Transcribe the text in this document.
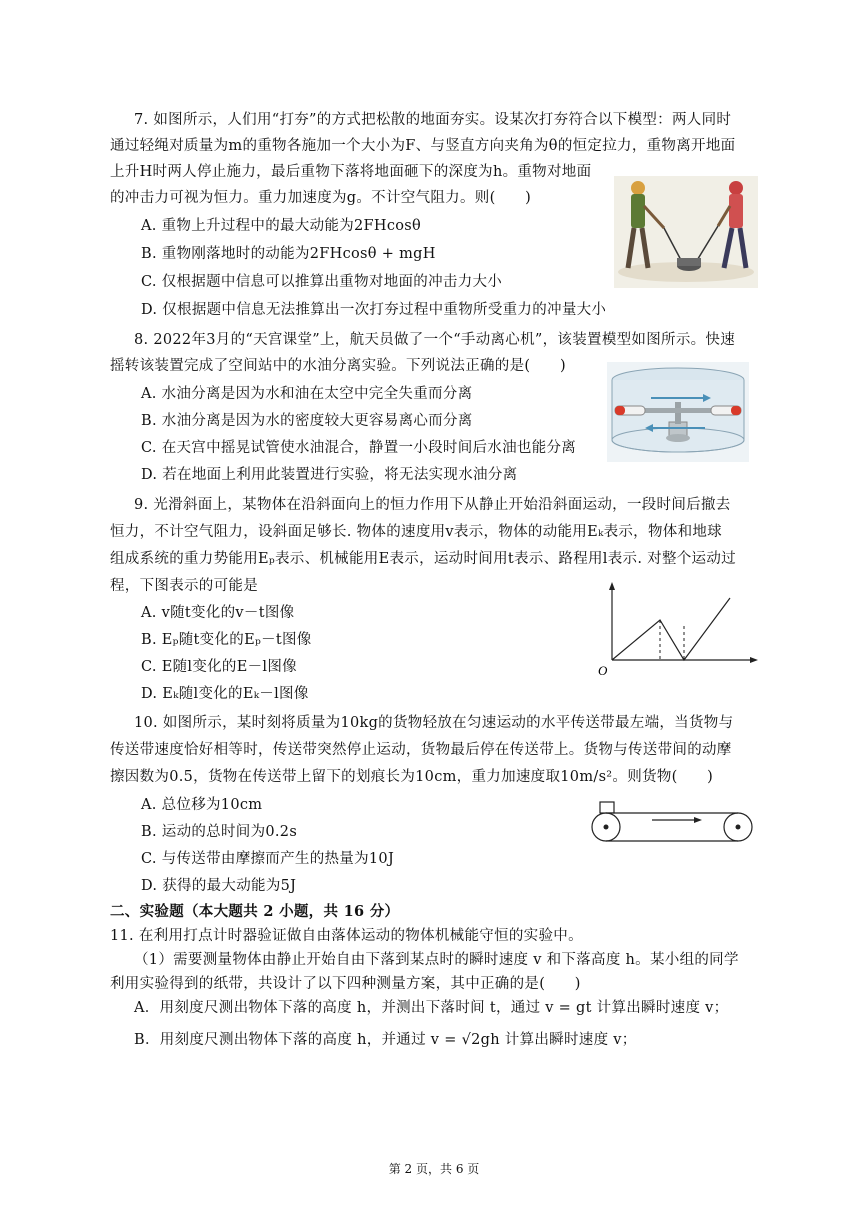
7. 如图所示，人们用“打夯”的方式把松散的地面夯实。设某次打夯符合以下模型：两人同时
通过轻绳对质量为m的重物各施加一个大小为F、与竖直方向夹角为θ的恒定拉力，重物离开地面
上升H时两人停止施力，最后重物下落将地面砸下的深度为h。重物对地面
的冲击力可视为恒力。重力加速度为g。不计空气阻力。则(　　)
A. 重物上升过程中的最大动能为2FHcosθ
B. 重物刚落地时的动能为2FHcosθ + mgH
C. 仅根据题中信息可以推算出重物对地面的冲击力大小
D. 仅根据题中信息无法推算出一次打夯过程中重物所受重力的冲量大小
8. 2022年3月的“天宫课堂”上，航天员做了一个“手动离心机”，该装置模型如图所示。快速
摇转该装置完成了空间站中的水油分离实验。下列说法正确的是(　　)
A. 水油分离是因为水和油在太空中完全失重而分离
B. 水油分离是因为水的密度较大更容易离心而分离
C. 在天宫中摇晃试管使水油混合，静置一小段时间后水油也能分离
D. 若在地面上利用此装置进行实验，将无法实现水油分离
9. 光滑斜面上，某物体在沿斜面向上的恒力作用下从静止开始沿斜面运动，一段时间后撤去
恒力，不计空气阻力，设斜面足够长. 物体的速度用v表示，物体的动能用Eₖ表示，物体和地球
组成系统的重力势能用Eₚ表示、机械能用E表示，运动时间用t表示、路程用l表示. 对整个运动过
程，下图表示的可能是
A. v随t变化的v－t图像
B. Eₚ随t变化的Eₚ－t图像
C. E随l变化的E－l图像
D. Eₖ随l变化的Eₖ－l图像
O
10. 如图所示，某时刻将质量为10kg的货物轻放在匀速运动的水平传送带最左端，当货物与
传送带速度恰好相等时，传送带突然停止运动，货物最后停在传送带上。货物与传送带间的动摩
擦因数为0.5，货物在传送带上留下的划痕长为10cm，重力加速度取10m/s²。则货物(　　)
A. 总位移为10cm
B. 运动的总时间为0.2s
C. 与传送带由摩擦而产生的热量为10J
D. 获得的最大动能为5J
二、实验题（本大题共 2 小题，共 16 分）
11. 在利用打点计时器验证做自由落体运动的物体机械能守恒的实验中。
（1）需要测量物体由静止开始自由下落到某点时的瞬时速度 v 和下落高度 h。某小组的同学
利用实验得到的纸带，共设计了以下四种测量方案，其中正确的是(　　)
A．用刻度尺测出物体下落的高度 h，并测出下落时间 t，通过 v = gt 计算出瞬时速度 v；
B．用刻度尺测出物体下落的高度 h，并通过 v = √2gh 计算出瞬时速度 v；
第 2 页，共 6 页
